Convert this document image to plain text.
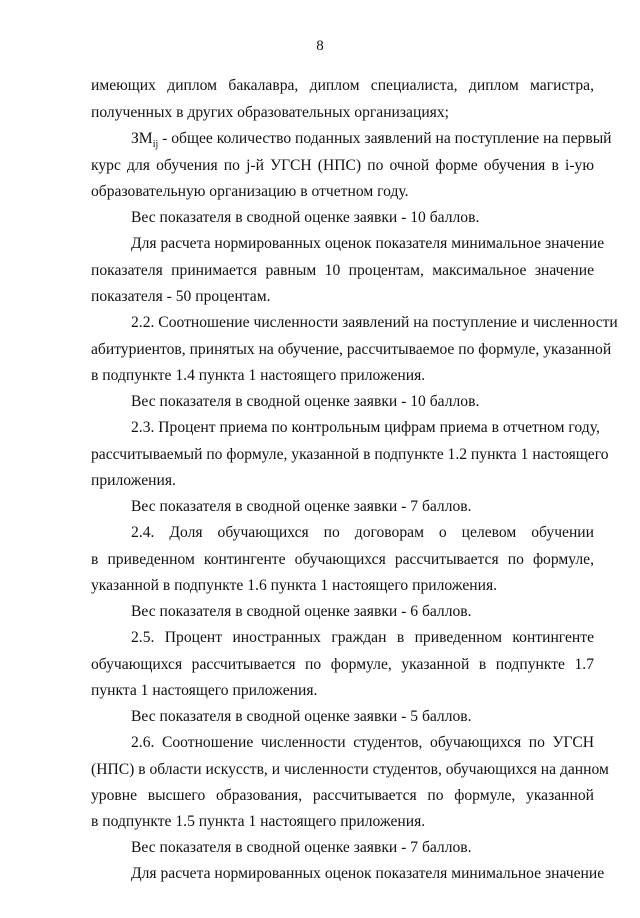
8
имеющих диплом бакалавра, диплом специалиста, диплом магистра,
полученных в других образовательных организациях;
$ЗМ_{ij}$ - общее количество поданных заявлений на поступление на первый
курс для обучения по j-й УГСН (НПС) по очной форме обучения в i-ую
образовательную организацию в отчетном году.
Вес показателя в сводной оценке заявки - 10 баллов.
Для расчета нормированных оценок показателя минимальное значение
показателя принимается равным 10 процентам, максимальное значение
показателя - 50 процентам.
2.2. Соотношение численности заявлений на поступление и численности
абитуриентов, принятых на обучение, рассчитываемое по формуле, указанной
в подпункте 1.4 пункта 1 настоящего приложения.
Вес показателя в сводной оценке заявки - 10 баллов.
2.3. Процент приема по контрольным цифрам приема в отчетном году,
рассчитываемый по формуле, указанной в подпункте 1.2 пункта 1 настоящего
приложения.
Вес показателя в сводной оценке заявки - 7 баллов.
2.4. Доля обучающихся по договорам о целевом обучении
в приведенном контингенте обучающихся рассчитывается по формуле,
указанной в подпункте 1.6 пункта 1 настоящего приложения.
Вес показателя в сводной оценке заявки - 6 баллов.
2.5. Процент иностранных граждан в приведенном контингенте
обучающихся рассчитывается по формуле, указанной в подпункте 1.7
пункта 1 настоящего приложения.
Вес показателя в сводной оценке заявки - 5 баллов.
2.6. Соотношение численности студентов, обучающихся по УГСН
(НПС) в области искусств, и численности студентов, обучающихся на данном
уровне высшего образования, рассчитывается по формуле, указанной
в подпункте 1.5 пункта 1 настоящего приложения.
Вес показателя в сводной оценке заявки - 7 баллов.
Для расчета нормированных оценок показателя минимальное значение
